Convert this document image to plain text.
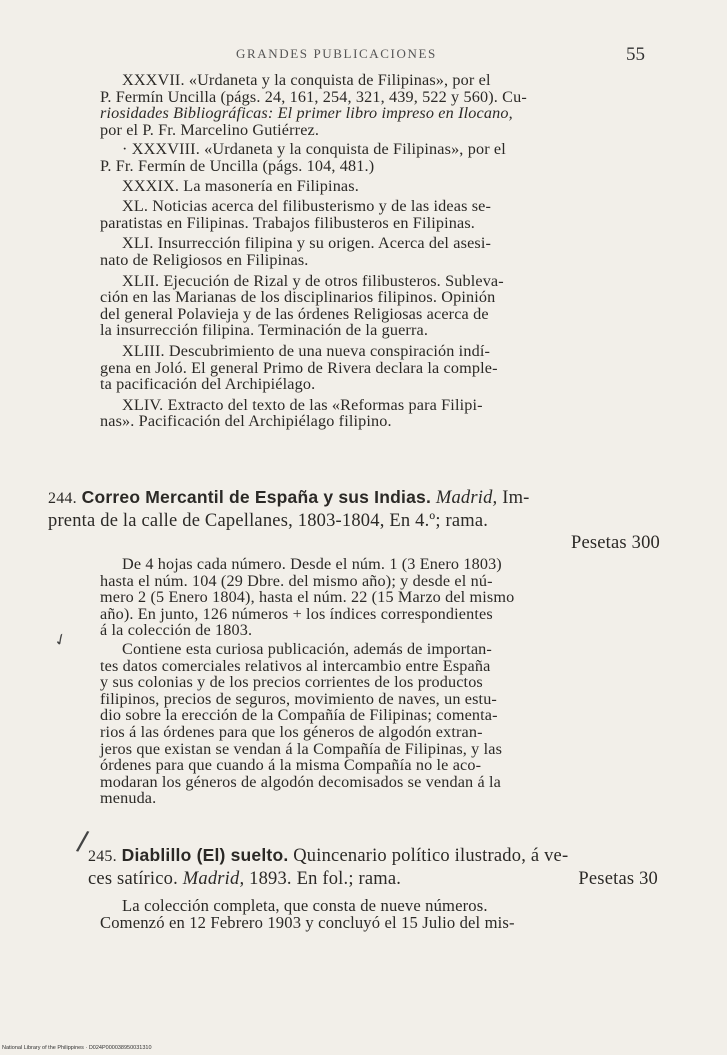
GRANDES PUBLICACIONES	55
XXXVII. «Urdaneta y la conquista de Filipinas», por el
P. Fermín Uncilla (págs. 24, 161, 254, 321, 439, 522 y 560). Cu-
riosidades Bibliográficas: El primer libro impreso en Ilocano,
por el P. Fr. Marcelino Gutiérrez.
· XXXVIII. «Urdaneta y la conquista de Filipinas», por el
P. Fr. Fermín de Uncilla (págs. 104, 481.)
XXXIX. La masonería en Filipinas.
XL. Noticias acerca del filibusterismo y de las ideas se-
paratistas en Filipinas. Trabajos filibusteros en Filipinas.
XLI. Insurrección filipina y su origen. Acerca del asesi-
nato de Religiosos en Filipinas.
XLII. Ejecución de Rizal y de otros filibusteros. Subleva-
ción en las Marianas de los disciplinarios filipinos. Opinión
del general Polavieja y de las órdenes Religiosas acerca de
la insurrección filipina. Terminación de la guerra.
XLIII. Descubrimiento de una nueva conspiración indí-
gena en Joló. El general Primo de Rivera declara la comple-
ta pacificación del Archipiélago.
XLIV. Extracto del texto de las «Reformas para Filipi-
nas». Pacificación del Archipiélago filipino.
244. Correo Mercantil de España y sus Indias. Madrid, Im-
prenta de la calle de Capellanes, 1803-1804, En 4.º; rama.
Pesetas 300
De 4 hojas cada número. Desde el núm. 1 (3 Enero 1803)
hasta el núm. 104 (29 Dbre. del mismo año); y desde el nú-
mero 2 (5 Enero 1804), hasta el núm. 22 (15 Marzo del mismo
año). En junto, 126 números + los índices correspondientes
á la colección de 1803.
Contiene esta curiosa publicación, además de importan-
tes datos comerciales relativos al intercambio entre España
y sus colonias y de los precios corrientes de los productos
filipinos, precios de seguros, movimiento de naves, un estu-
dio sobre la erección de la Compañía de Filipinas; comenta-
rios á las órdenes para que los géneros de algodón extran-
jeros que existan se vendan á la Compañía de Filipinas, y las
órdenes para que cuando á la misma Compañía no le aco-
modaran los géneros de algodón decomisados se vendan á la
menuda.
245. Diablillo (El) suelto. Quincenario político ilustrado, á ve-
ces satírico. Madrid, 1893. En fol.; rama.	Pesetas 30
La colección completa, que consta de nueve números.
Comenzó en 12 Febrero 1903 y concluyó el 15 Julio del mis-
✓
/
National Library of the Philippines · D024P000038950031310
